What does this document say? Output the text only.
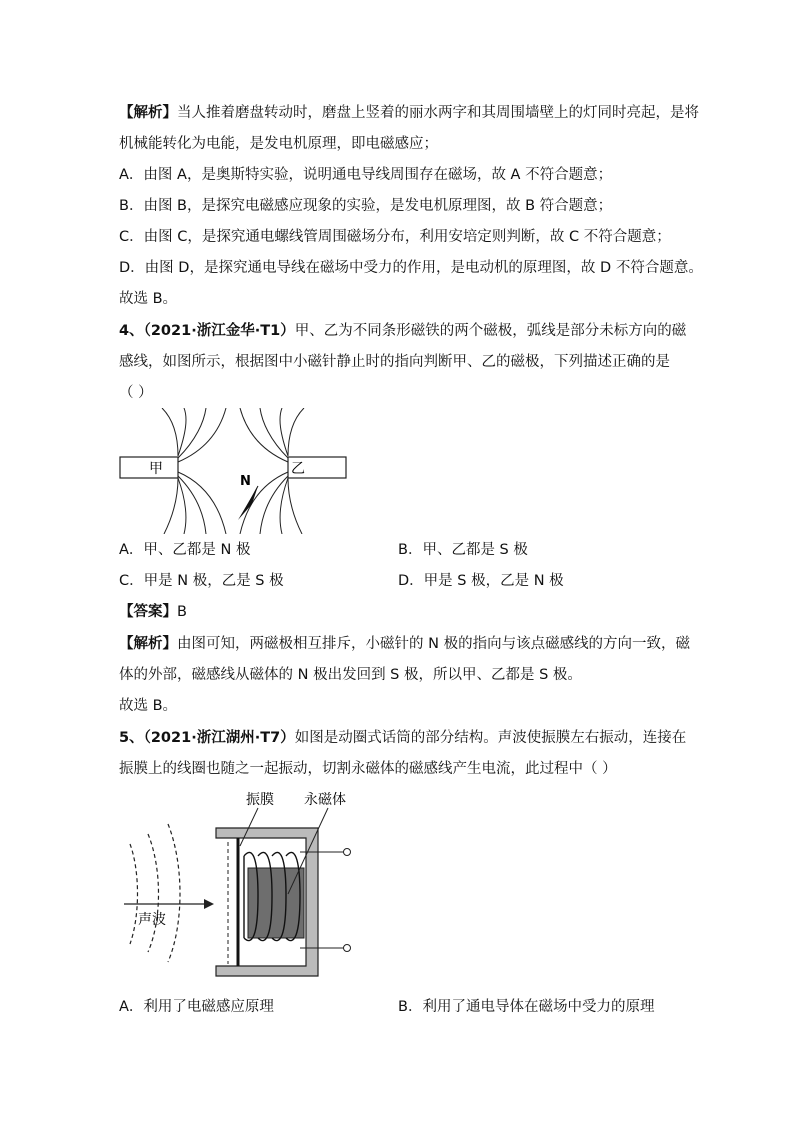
【解析】当人推着磨盘转动时，磨盘上竖着的丽水两字和其周围墙壁上的灯同时亮起，是将
机械能转化为电能，是发电机原理，即电磁感应；
A．由图 A，是奥斯特实验，说明通电导线周围存在磁场，故 A 不符合题意；
B．由图 B，是探究电磁感应现象的实验，是发电机原理图，故 B 符合题意；
C．由图 C，是探究通电螺线管周围磁场分布，利用安培定则判断，故 C 不符合题意；
D．由图 D，是探究通电导线在磁场中受力的作用，是电动机的原理图，故 D 不符合题意。
故选 B。
4、（2021·浙江金华·T1）甲、乙为不同条形磁铁的两个磁极，弧线是部分未标方向的磁
感线，如图所示，根据图中小磁针静止时的指向判断甲、乙的磁极，下列描述正确的是
（ ）
甲	乙
N
A．甲、乙都是 N 极	B．甲、乙都是 S 极
C．甲是 N 极，乙是 S 极	D．甲是 S 极，乙是 N 极
【答案】B
【解析】由图可知，两磁极相互排斥，小磁针的 N 极的指向与该点磁感线的方向一致，磁
体的外部，磁感线从磁体的 N 极出发回到 S 极，所以甲、乙都是 S 极。
故选 B。
5、（2021·浙江湖州·T7）如图是动圈式话筒的部分结构。声波使振膜左右振动，连接在
振膜上的线圈也随之一起振动，切割永磁体的磁感线产生电流，此过程中（ ）
声波
振膜 永磁体
A．利用了电磁感应原理	B．利用了通电导体在磁场中受力的原理
